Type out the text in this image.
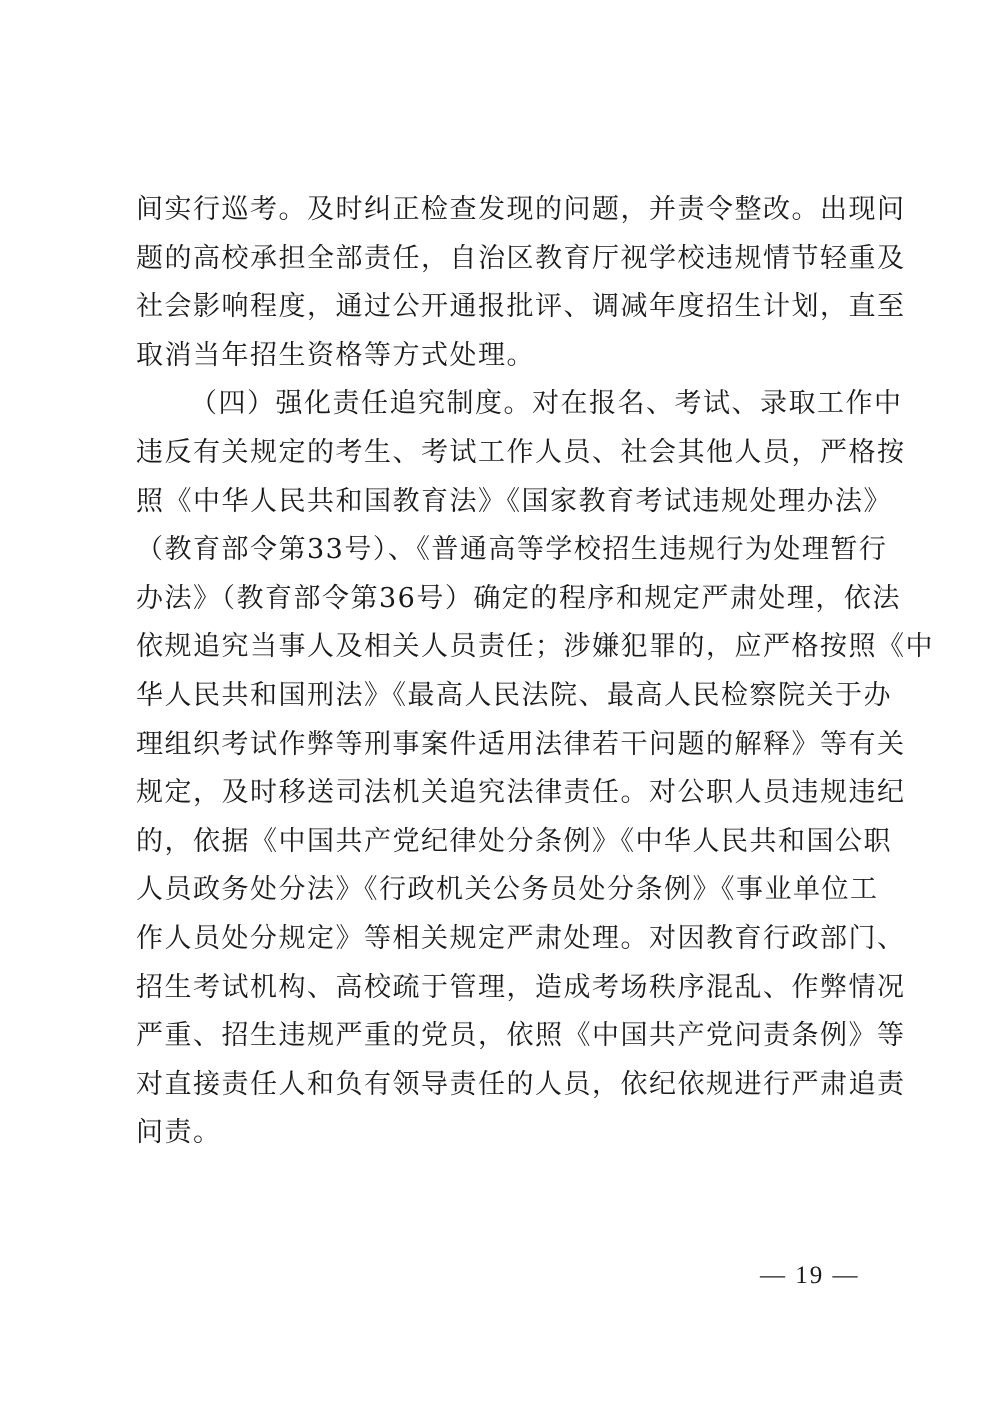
间实行巡考。及时纠正检查发现的问题，并责令整改。出现问
题的高校承担全部责任，自治区教育厅视学校违规情节轻重及
社会影响程度，通过公开通报批评、调减年度招生计划，直至
取消当年招生资格等方式处理。
（四）强化责任追究制度。对在报名、考试、录取工作中
违反有关规定的考生、考试工作人员、社会其他人员，严格按
照《中华人民共和国教育法》《国家教育考试违规处理办法》
（教育部令第33号）、《普通高等学校招生违规行为处理暂行
办法》（教育部令第36号）确定的程序和规定严肃处理，依法
依规追究当事人及相关人员责任；涉嫌犯罪的，应严格按照《中
华人民共和国刑法》《最高人民法院、最高人民检察院关于办
理组织考试作弊等刑事案件适用法律若干问题的解释》等有关
规定，及时移送司法机关追究法律责任。对公职人员违规违纪
的，依据《中国共产党纪律处分条例》《中华人民共和国公职
人员政务处分法》《行政机关公务员处分条例》《事业单位工
作人员处分规定》等相关规定严肃处理。对因教育行政部门、
招生考试机构、高校疏于管理，造成考场秩序混乱、作弊情况
严重、招生违规严重的党员，依照《中国共产党问责条例》等
对直接责任人和负有领导责任的人员，依纪依规进行严肃追责
问责。
— 19 —
